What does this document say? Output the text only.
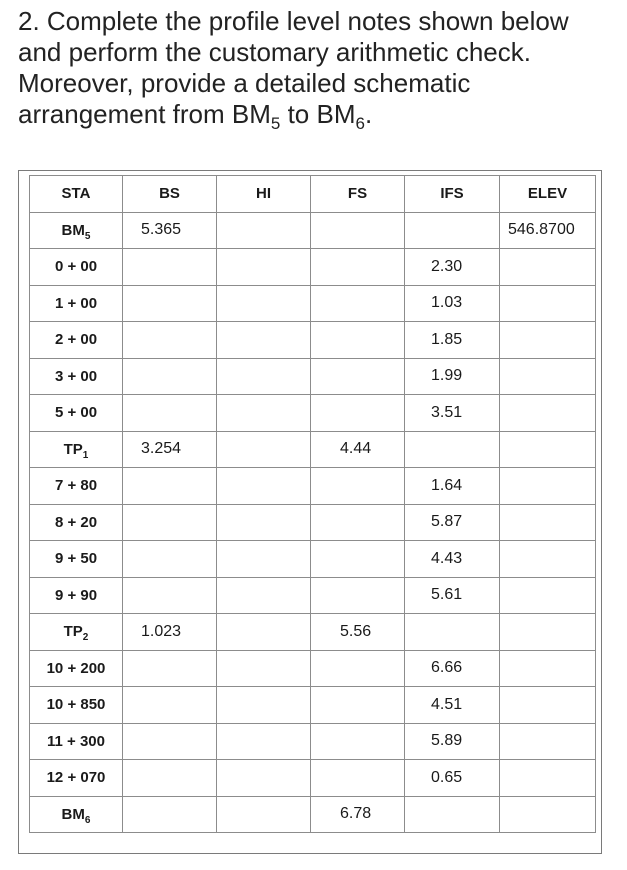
2. Complete the profile level notes shown below
and perform the customary arithmetic check.
Moreover, provide a detailed schematic
arrangement from $BM_5$ to $BM_6$.
STA	BS	HI	FS	IFS	ELEV
$BM_5$	5.365				546.8700
0 + 00				2.30	
1 + 00				1.03	
2 + 00				1.85	
3 + 00				1.99	
5 + 00				3.51	
$TP_1$	3.254		4.44		
7 + 80				1.64	
8 + 20				5.87	
9 + 50				4.43	
9 + 90				5.61	
$TP_2$	1.023		5.56		
10 + 200				6.66	
10 + 850				4.51	
11 + 300				5.89	
12 + 070				0.65	
$BM_6$			6.78		
